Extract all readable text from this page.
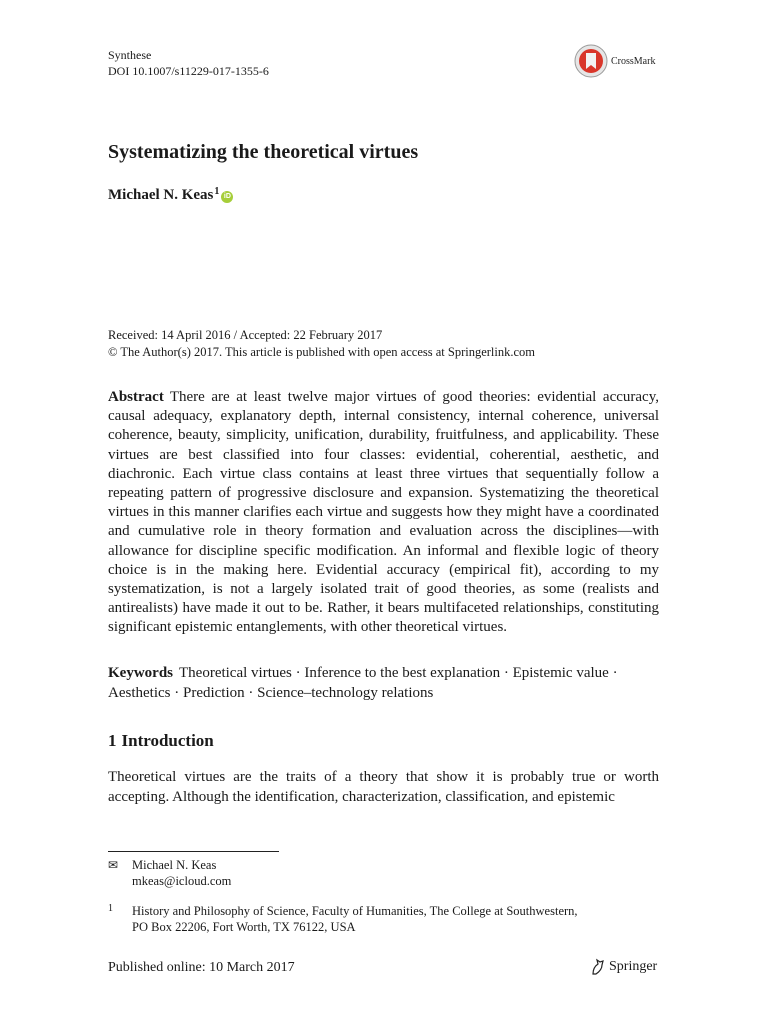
Synthese
DOI 10.1007/s11229-017-1355-6
CrossMark
Systematizing the theoretical virtues
Michael N. Keas$^1$ iD
Received: 14 April 2016 / Accepted: 22 February 2017
© The Author(s) 2017. This article is published with open access at Springerlink.com

Abstract There are at least twelve major virtues of good theories: evidential accuracy, causal adequacy, explanatory depth, internal consistency, internal coherence, universal coherence, beauty, simplicity, unification, durability, fruitfulness, and applicability. These virtues are best classified into four classes: evidential, coherential, aesthetic, and diachronic. Each virtue class contains at least three virtues that sequentially follow a repeating pattern of progressive disclosure and expansion. Systematizing the theoretical virtues in this manner clarifies each virtue and suggests how they might have a coordinated and cumulative role in theory formation and evaluation across the disciplines—with allowance for discipline specific modification. An informal and flexible logic of theory choice is in the making here. Evidential accuracy (empirical fit), according to my systematization, is not a largely isolated trait of good theories, as some (realists and antirealists) have made it out to be. Rather, it bears multifaceted relationships, constituting significant epistemic entanglements, with other theoretical virtues.

Keywords Theoretical virtues · Inference to the best explanation · Epistemic value · Aesthetics · Prediction · Science–technology relations

1 Introduction

Theoretical virtues are the traits of a theory that show it is probably true or worth accepting. Although the identification, characterization, classification, and epistemic

✉ Michael N. Keas
mkeas@icloud.com
1	History and Philosophy of Science, Faculty of Humanities, The College at Southwestern,
PO Box 22206, Fort Worth, TX 76122, USA
Published online: 10 March 2017	Springer
